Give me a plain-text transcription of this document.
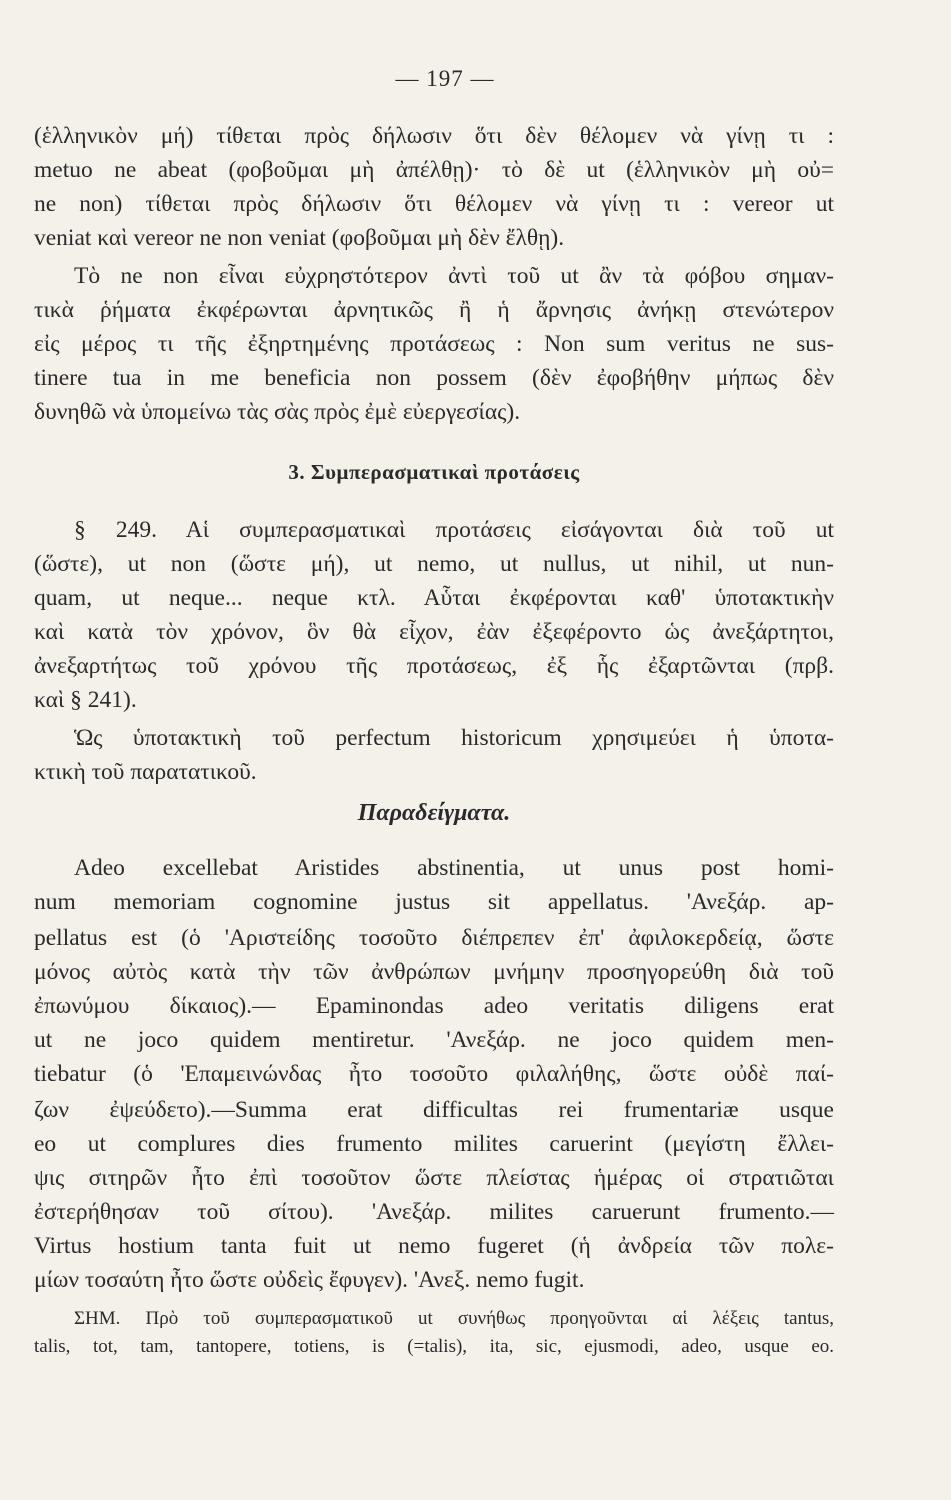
— 197 —
(ἑλληνικὸν μή) τίθεται πρὸς δήλωσιν ὅτι δὲν θέλομεν νὰ γίνῃ τι :
metuo ne abeat (φοβοῦμαι μὴ ἀπέλθῃ)· τὸ δὲ ut (ἑλληνικὸν μὴ οὐ=
ne non) τίθεται πρὸς δήλωσιν ὅτι θέλομεν νὰ γίνῃ τι : vereor ut
veniat καὶ vereor ne non veniat (φοβοῦμαι μὴ δὲν ἔλθῃ).
Τὸ ne non εἶναι εὐχρηστότερον ἀντὶ τοῦ ut ἂν τὰ φόβου σημαν-
τικὰ ῥήματα ἐκφέρωνται ἀρνητικῶς ἢ ἡ ἄρνησις ἀνήκῃ στενώτερον
εἰς μέρος τι τῆς ἐξηρτημένης προτάσεως : Non sum veritus ne sus-
tinere tua in me beneficia non possem (δὲν ἐφοβήθην μήπως δὲν
δυνηθῶ νὰ ὑπομείνω τὰς σὰς πρὸς ἐμὲ εὐεργεσίας).
3. Συμπερασματικαὶ προτάσεις
§ 249. Αἱ συμπερασματικαὶ προτάσεις εἰσάγονται διὰ τοῦ ut
(ὥστε), ut non (ὥστε μή), ut nemo, ut nullus, ut nihil, ut nun-
quam, ut neque... neque κτλ. Αὗται ἐκφέρονται καθ' ὑποτακτικὴν
καὶ κατὰ τὸν χρόνον, ὃν θὰ εἶχον, ἐὰν ἐξεφέροντο ὡς ἀνεξάρτητοι,
ἀνεξαρτήτως τοῦ χρόνου τῆς προτάσεως, ἐξ ἧς ἐξαρτῶνται (πρβ.
καὶ § 241).
Ὡς ὑποτακτικὴ τοῦ perfectum historicum χρησιμεύει ἡ ὑποτα-
κτικὴ τοῦ παρατατικοῦ.
Παραδείγματα.
Adeo excellebat Aristides abstinentia, ut unus post homi-
num memoriam cognomine justus sit appellatus. 'Ανεξάρ. ap-
pellatus est (ὁ 'Αριστείδης τοσοῦτο διέπρεπεν ἐπ' ἀφιλοκερδείᾳ, ὥστε
μόνος αὐτὸς κατὰ τὴν τῶν ἀνθρώπων μνήμην προσηγορεύθη διὰ τοῦ
ἐπωνύμου δίκαιος).— Epaminondas adeo veritatis diligens erat
ut ne joco quidem mentiretur. 'Ανεξάρ. ne joco quidem men-
tiebatur (ὁ 'Επαμεινώνδας ἦτο τοσοῦτο φιλαλήθης, ὥστε οὐδὲ παί-
ζων ἐψεύδετο).—Summa erat difficultas rei frumentariæ usque
eo ut complures dies frumento milites caruerint (μεγίστη ἔλλει-
ψις σιτηρῶν ἦτο ἐπὶ τοσοῦτον ὥστε πλείστας ἡμέρας οἱ στρατιῶται
ἐστερήθησαν τοῦ σίτου). 'Ανεξάρ. milites caruerunt frumento.—
Virtus hostium tanta fuit ut nemo fugeret (ἡ ἀνδρεία τῶν πολε-
μίων τοσαύτη ἦτο ὥστε οὐδεὶς ἔφυγεν). 'Ανεξ. nemo fugit.
ΣΗΜ. Πρὸ τοῦ συμπερασματικοῦ ut συνήθως προηγοῦνται αἱ λέξεις tantus,
talis, tot, tam, tantopere, totiens, is (=talis), ita, sic, ejusmodi, adeo, usque eo.
